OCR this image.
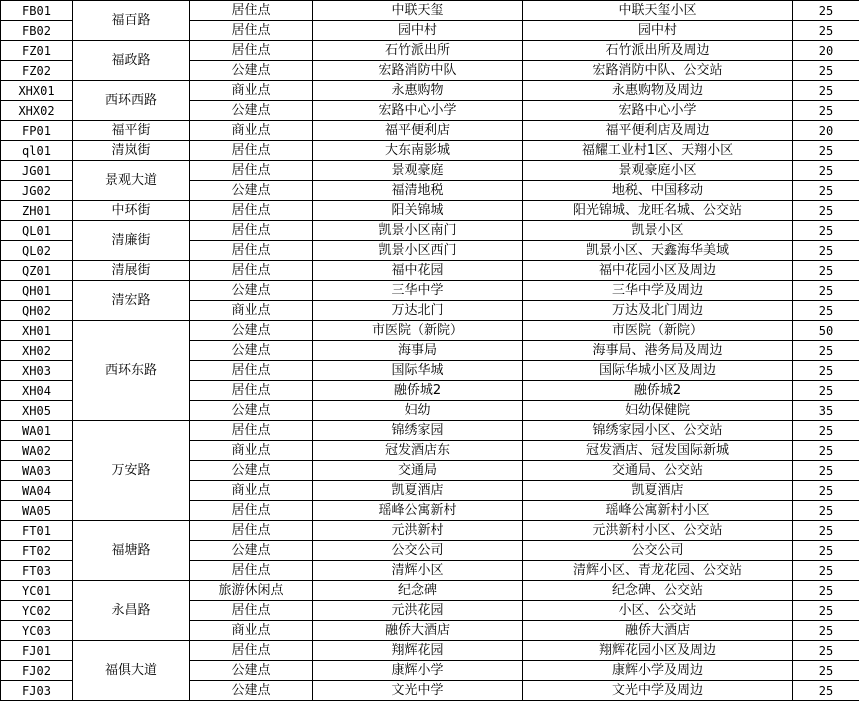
FB01	福百路	居住点	中联天玺	中联天玺小区	25
FB02		居住点	园中村	园中村	25
FZ01	福政路	居住点	石竹派出所	石竹派出所及周边	20
FZ02		公建点	宏路消防中队	宏路消防中队、公交站	25
XHX01	西环西路	商业点	永惠购物	永惠购物及周边	25
XHX02		公建点	宏路中心小学	宏路中心小学	25
FP01	福平街	商业点	福平便利店	福平便利店及周边	20
ql01	清岚街	居住点	大东南影城	福耀工业村1区、天翔小区	25
JG01	景观大道	居住点	景观豪庭	景观豪庭小区	25
JG02		公建点	福清地税	地税、中国移动	25
ZH01	中环街	居住点	阳关锦城	阳光锦城、龙旺名城、公交站	25
QL01	清廉街	居住点	凯景小区南门	凯景小区	25
QL02		居住点	凯景小区西门	凯景小区、天鑫海华美域	25
QZ01	清展街	居住点	福中花园	福中花园小区及周边	25
QH01	清宏路	公建点	三华中学	三华中学及周边	25
QH02		商业点	万达北门	万达及北门周边	25
XH01	西环东路	公建点	市医院（新院）	市医院（新院）	50
XH02		公建点	海事局	海事局、港务局及周边	25
XH03		居住点	国际华城	国际华城小区及周边	25
XH04		居住点	融侨城2	融侨城2	25
XH05		公建点	妇幼	妇幼保健院	35
WA01	万安路	居住点	锦绣家园	锦绣家园小区、公交站	25
WA02		商业点	冠发酒店东	冠发酒店、冠发国际新城	25
WA03		公建点	交通局	交通局、公交站	25
WA04		商业点	凯夏酒店	凯夏酒店	25
WA05		居住点	瑶峰公寓新村	瑶峰公寓新村小区	25
FT01	福塘路	居住点	元洪新村	元洪新村小区、公交站	25
FT02		公建点	公交公司	公交公司	25
FT03		居住点	清辉小区	清辉小区、青龙花园、公交站	25
YC01	永昌路	旅游休闲点	纪念碑	纪念碑、公交站	25
YC02		居住点	元洪花园	小区、公交站	25
YC03		商业点	融侨大酒店	融侨大酒店	25
FJ01	福俱大道	居住点	翔辉花园	翔辉花园小区及周边	25
FJ02		公建点	康辉小学	康辉小学及周边	25
FJ03		公建点	文光中学	文光中学及周边	25
